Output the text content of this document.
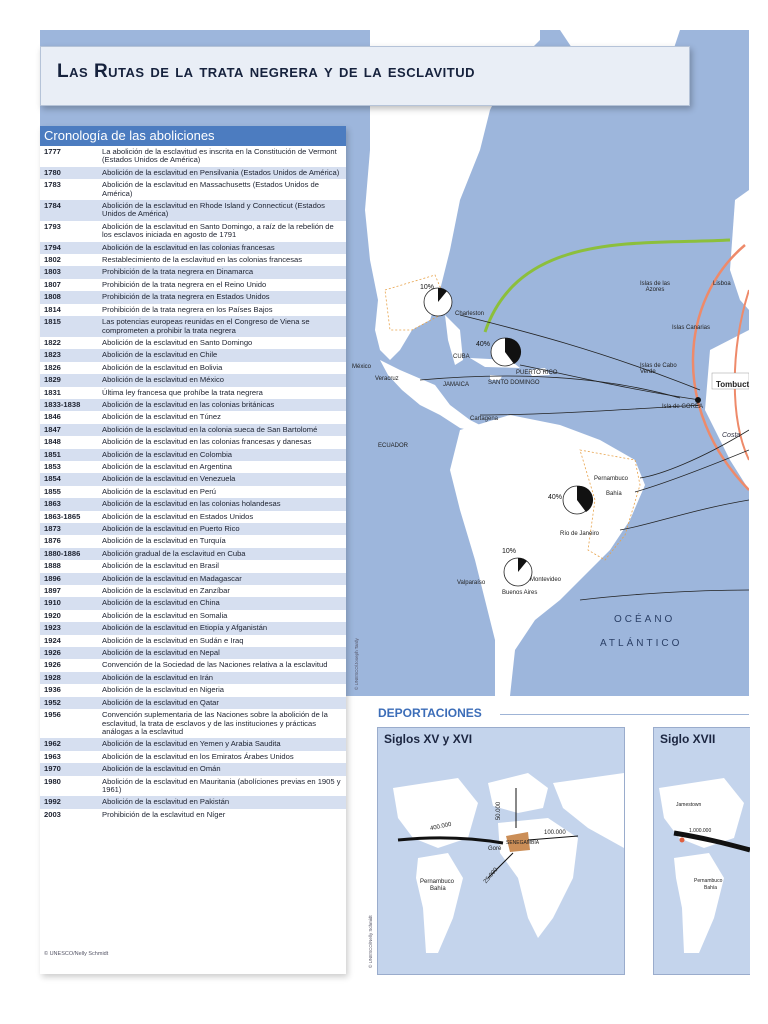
Charleston
México
Veracruz
CUBA
JAMAICA	SANTO DOMINGO
PUERTO RICO
Cartagena
ECUADOR
Pernambuco
Bahía
Río de Janeiro
Valparaíso	Montevideo
Buenos Aires
Islas de las Azores
Lisboa
Islas Canarias
Islas de Cabo Verde
Isla de GOREA
Tombuct
Costa
10%
40%
40%
10%
OCÉANO
ATLÁNTICO
© UNESCO/Joseph Tardy
Las Rutas de la trata negrera y de la esclavitud
Cronología de las aboliciones
1777	La abolición de la esclavitud es inscrita en la Constitución de Vermont (Estados Unidos de América)
1780	Abolición de la esclavitud en Pensilvania (Estados Unidos de América)
1783	Abolición de la esclavitud en Massachusetts (Estados Unidos de América)
1784	Abolición de la esclavitud en Rhode Island y Connecticut (Estados Unidos de América)
1793	Abolición de la esclavitud en Santo Domingo, a raíz de la rebelión de los esclavos iniciada en agosto de 1791
1794	Abolición de la esclavitud en las colonias francesas
1802	Restablecimiento de la esclavitud en las colonias francesas
1803	Prohibición de la trata negrera en Dinamarca
1807	Prohibición de la trata negrera en el Reino Unido
1808	Prohibición de la trata negrera en Estados Unidos
1814	Prohibición de la trata negrera en los Países Bajos
1815	Las potencias europeas reunidas en el Congreso de Viena se comprometen a prohibir la trata negrera
1822	Abolición de la esclavitud en Santo Domingo
1823	Abolición de la esclavitud en Chile
1826	Abolición de la esclavitud en Bolivia
1829	Abolición de la esclavitud en México
1831	Última ley francesa que prohíbe la trata negrera
1833-1838	Abolición de la esclavitud en las colonias británicas
1846	Abolición de la esclavitud en Túnez
1847	Abolición de la esclavitud en la colonia sueca de San Bartolomé
1848	Abolición de la esclavitud en las colonias francesas y danesas
1851	Abolición de la esclavitud en Colombia
1853	Abolición de la esclavitud en Argentina
1854	Abolición de la esclavitud en Venezuela
1855	Abolición de la esclavitud en Perú
1863	Abolición de la esclavitud en las colonias holandesas
1863-1865	Abolición de la esclavitud en Estados Unidos
1873	Abolición de la esclavitud en Puerto Rico
1876	Abolición de la esclavitud en Turquía
1880-1886	Abolición gradual de la esclavitud en Cuba
1888	Abolición de la esclavitud en Brasil
1896	Abolición de la esclavitud en Madagascar
1897	Abolición de la esclavitud en Zanzíbar
1910	Abolición de la esclavitud en China
1920	Abolición de la esclavitud en Somalia
1923	Abolición de la esclavitud en Etiopía y Afganistán
1924	Abolición de la esclavitud en Sudán e Iraq
1926	Abolición de la esclavitud en Nepal
1926	Convención de la Sociedad de las Naciones relativa a la esclavitud
1928	Abolición de la esclavitud en Irán
1936	Abolición de la esclavitud en Nigeria
1952	Abolición de la esclavitud en Qatar
1956	Convención suplementaria de las Naciones sobre la abolición de la esclavitud, la trata de esclavos y de las instituciones y prácticas análogas a la esclavitud
1962	Abolición de la esclavitud en Yemen y Arabia Saudita
1963	Abolición de la esclavitud en los Emiratos Árabes Unidos
1970	Abolición de la esclavitud en Omán
1980	Abolición de la esclavitud en Mauritania (abolíciones previas en 1905 y 1961)
1992	Abolición de la esclavitud en Pakistán
2003	Prohibición de la esclavitud en Níger
© UNESCO/Nelly Schmidt
DEPORTACIONES
Siglos XV y XVI
400.000
SENEGAMBIA
100.000
50.000
Pernambuco
Bahía
25.000
Goré
© UNESCO/Nelly Schmidt
Siglo XVII
Jamestown
1.000.000
Pernambuco
Bahía
